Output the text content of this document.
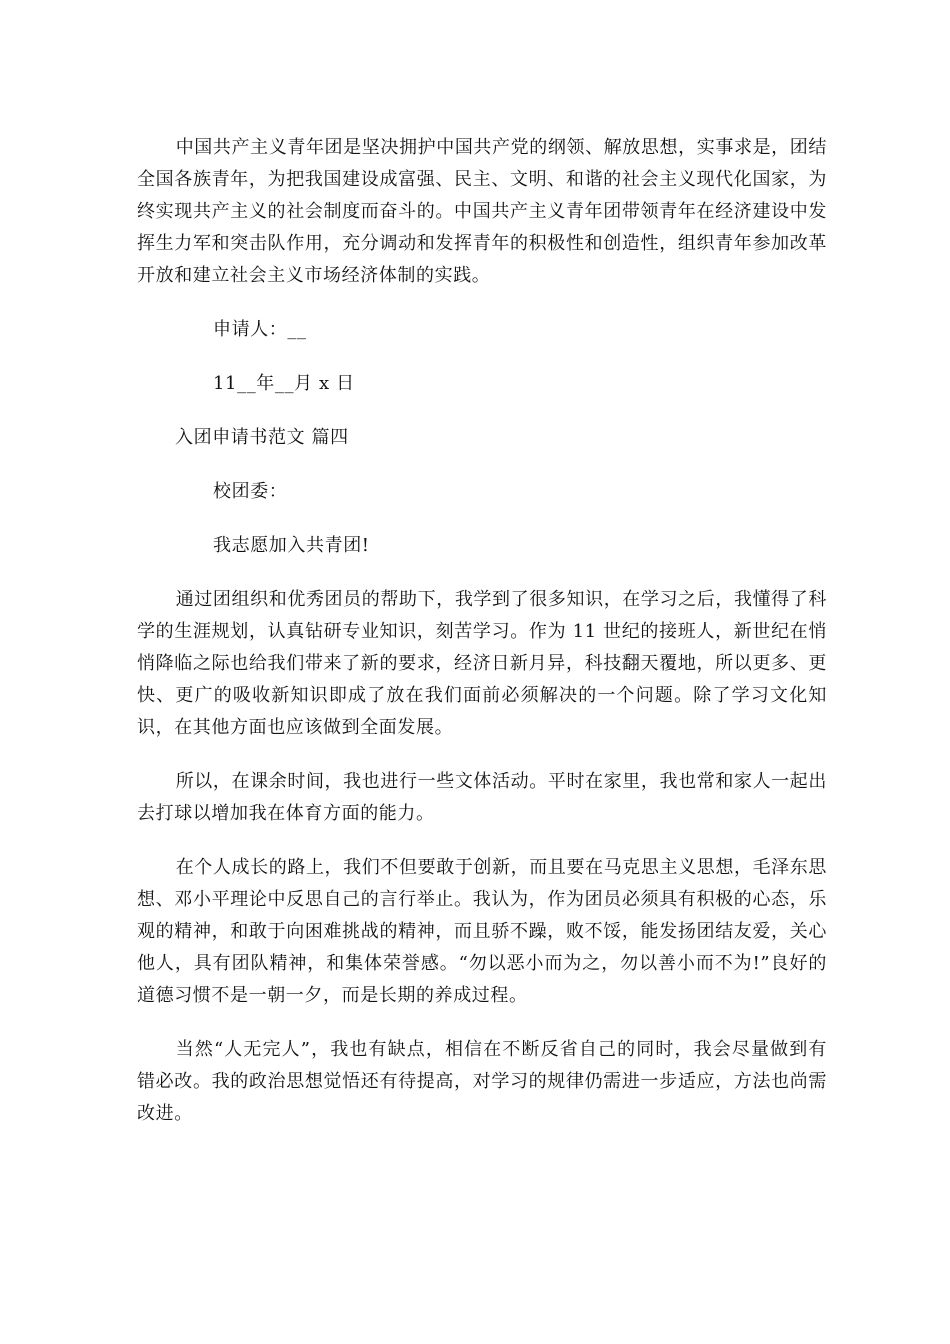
中国共产主义青年团是坚决拥护中国共产党的纲领、解放思想，实事求是，团结全国各族青年，为把我国建设成富强、民主、文明、和谐的社会主义现代化国家，为终实现共产主义的社会制度而奋斗的。中国共产主义青年团带领青年在经济建设中发挥生力军和突击队作用，充分调动和发挥青年的积极性和创造性，组织青年参加改革开放和建立社会主义市场经济体制的实践。

申请人：__

11__年__月 x 日

入团申请书范文 篇四

校团委：

我志愿加入共青团!

通过团组织和优秀团员的帮助下，我学到了很多知识，在学习之后，我懂得了科学的生涯规划，认真钻研专业知识，刻苦学习。作为 11 世纪的接班人，新世纪在悄悄降临之际也给我们带来了新的要求，经济日新月异，科技翻天覆地，所以更多、更快、更广的吸收新知识即成了放在我们面前必须解决的一个问题。除了学习文化知识，在其他方面也应该做到全面发展。

所以，在课余时间，我也进行一些文体活动。平时在家里，我也常和家人一起出去打球以增加我在体育方面的能力。

在个人成长的路上，我们不但要敢于创新，而且要在马克思主义思想，毛泽东思想、邓小平理论中反思自己的言行举止。我认为，作为团员必须具有积极的心态，乐观的精神，和敢于向困难挑战的精神，而且骄不躁，败不馁，能发扬团结友爱，关心他人，具有团队精神，和集体荣誉感。“勿以恶小而为之，勿以善小而不为!”良好的道德习惯不是一朝一夕，而是长期的养成过程。

当然“人无完人”，我也有缺点，相信在不断反省自己的同时，我会尽量做到有错必改。我的政治思想觉悟还有待提高，对学习的规律仍需进一步适应，方法也尚需改进。
